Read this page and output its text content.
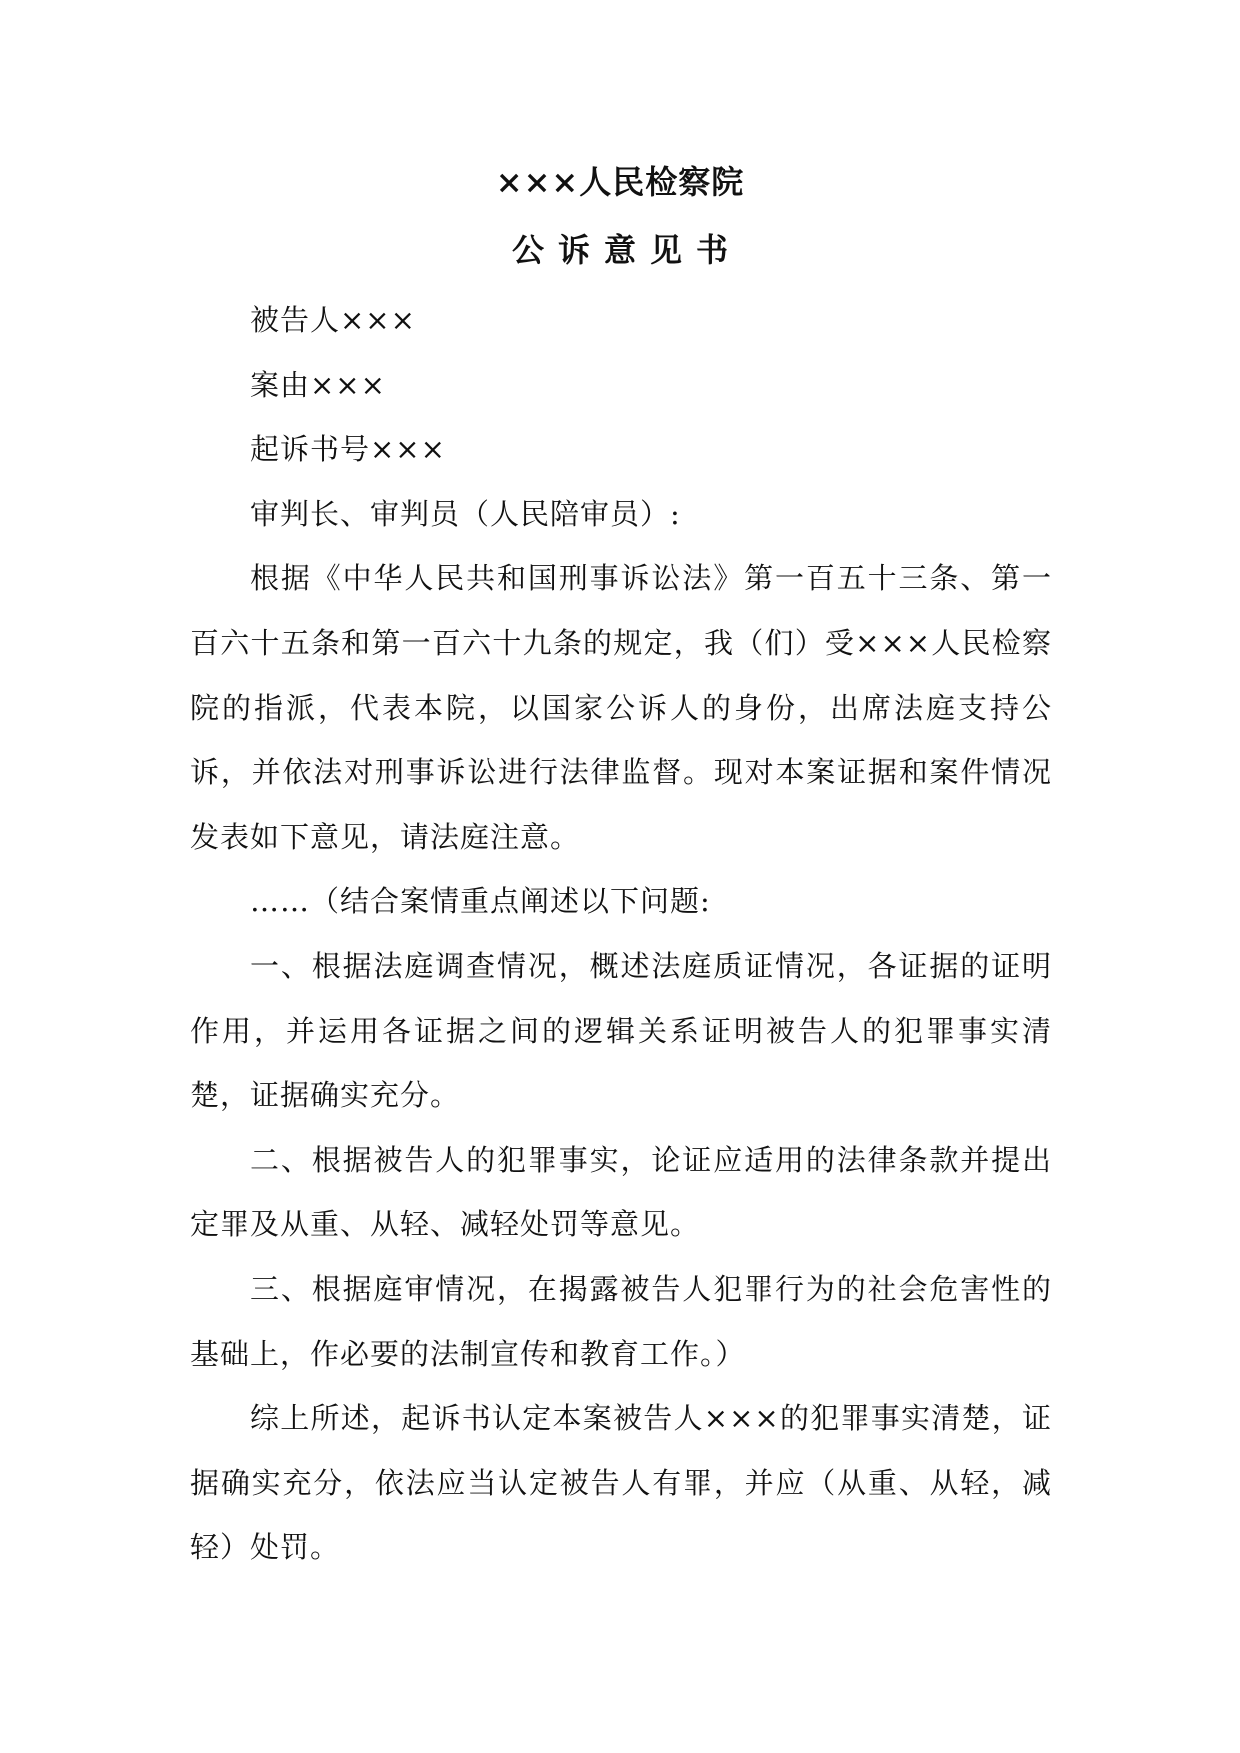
×××人民检察院
公诉意见书

被告人×××

案由×××

起诉书号×××

审判长、审判员（人民陪审员）:

根据《中华人民共和国刑事诉讼法》第一百五十三条、第一百六十五条和第一百六十九条的规定，我（们）受×××人民检察院的指派，代表本院，以国家公诉人的身份，出席法庭支持公诉，并依法对刑事诉讼进行法律监督。现对本案证据和案件情况发表如下意见，请法庭注意。

……（结合案情重点阐述以下问题:

一、根据法庭调查情况，概述法庭质证情况，各证据的证明作用，并运用各证据之间的逻辑关系证明被告人的犯罪事实清楚，证据确实充分。

二、根据被告人的犯罪事实，论证应适用的法律条款并提出定罪及从重、从轻、减轻处罚等意见。

三、根据庭审情况，在揭露被告人犯罪行为的社会危害性的基础上，作必要的法制宣传和教育工作。）

综上所述，起诉书认定本案被告人×××的犯罪事实清楚，证据确实充分，依法应当认定被告人有罪，并应（从重、从轻，减轻）处罚。
